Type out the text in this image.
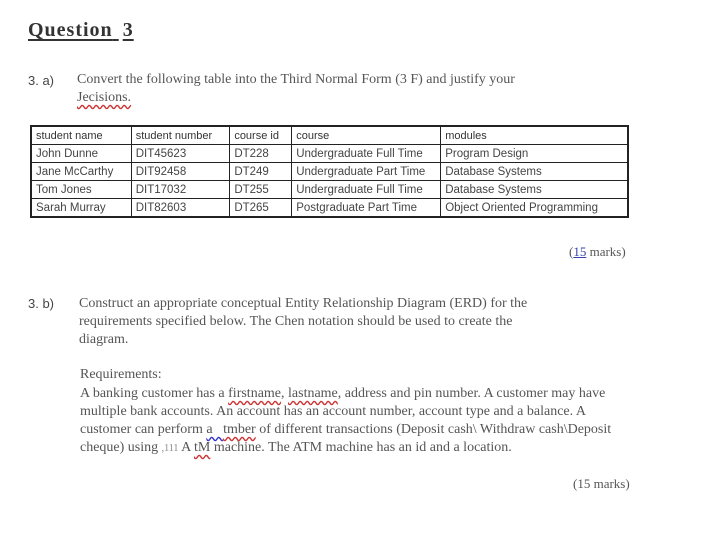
Question 3
3. a) Convert the following table into the Third Normal Form (3 F) and justify your
Jecisions.
student name	student number	course id	course	modules
John Dunne	DIT45623	DT228	Undergraduate Full Time	Program Design
Jane McCarthy	DIT92458	DT249	Undergraduate Part Time	Database Systems
Tom Jones	DIT17032	DT255	Undergraduate Full Time	Database Systems
Sarah Murray	DIT82603	DT265	Postgraduate Part Time	Object Oriented Programming
(15 marks)
3. b) Construct an appropriate conceptual Entity Relationship Diagram (ERD) for the
requirements specified below. The Chen notation should be used to create the
diagram.
Requirements:
A banking customer has a firstname, lastname, address and pin number. A customer may have multiple bank accounts. An account has an account number, account type and a balance. A customer can perform a   tmber of different transactions (Deposit cash\ Withdraw cash\Deposit cheque) using ,111 A tM machine. The ATM machine has an id and a location.
(15 marks)
